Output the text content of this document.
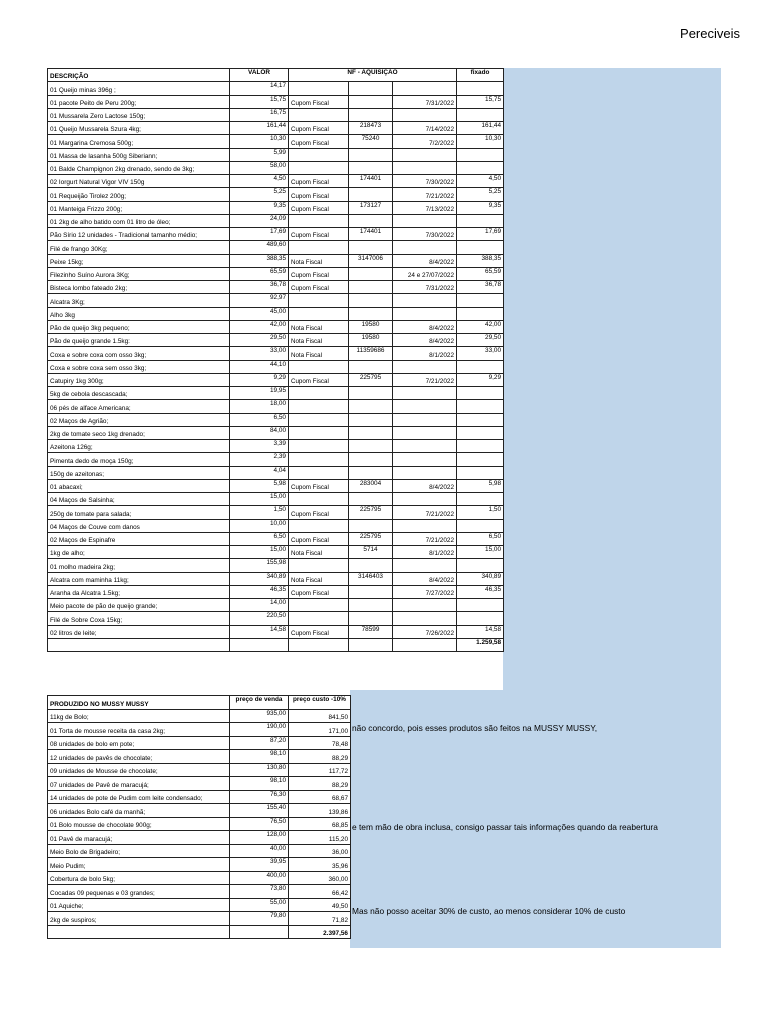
Pereciveis
DESCRIÇÃO	VALOR	NF - AQUISIÇÃO			fixado
01 Queijo minas 396g ;	14,17				
01 pacote Peito de Peru 200g;	15,75	Cupom Fiscal		7/31/2022	15,75
01 Mussarela Zero Lactose 150g;	16,75				
01 Queijo Mussarela Szura 4kg;	161,44	Cupom Fiscal	218473	7/14/2022	161,44
01 Margarina Cremosa 500g;	10,30	Cupom Fiscal	75240	7/2/2022	10,30
01 Massa de lasanha 500g Siberiann;	5,99				
01 Balde Champignon 2kg drenado, sendo de 3kg;	58,00				
02 Iorgurt Natural Vigor VIV 150g	4,50	Cupom Fiscal	174401	7/30/2022	4,50
01 Requeijão Tirolez 200g;	5,25	Cupom Fiscal		7/21/2022	5,25
01 Manteiga Frizzo 200g;	9,35	Cupom Fiscal	173127	7/13/2022	9,35
01 2kg de alho batido com 01 litro de óleo;	24,09				
Pão Sírio 12 unidades - Tradicional tamanho médio;	17,69	Cupom Fiscal	174401	7/30/2022	17,69
Filé de frango 30Kg;	489,60				
Peixe 15kg;	388,35	Nota Fiscal	3147006	8/4/2022	388,35
Filezinho Suíno Aurora 3Kg;	65,59	Cupom Fiscal		24 e 27/07/2022	65,59
Bisteca lombo fateado 2kg;	36,78	Cupom Fiscal		7/31/2022	36,78
Alcatra 3Kg;	92,97				
Alho 3kg	45,00				
Pão de queijo 3kg pequeno;	42,00	Nota Fiscal	19580	8/4/2022	42,00
Pão de queijo grande 1.5kg:	29,50	Nota Fiscal	19580	8/4/2022	29,50
Coxa e sobre coxa com osso 3kg;	33,00	Nota Fiscal	11359686	8/1/2022	33,00
Coxa e sobre coxa sem osso 3kg;	44,10				
Catupiry 1kg 300g;	9,29	Cupom Fiscal	225795	7/21/2022	9,29
5kg de cebola descascada;	19,95				
06 pés de alface Americana;	18,00				
02 Maços de Agrião;	6,50				
2kg de tomate seco 1kg drenado;	84,00				
Azeitona 126g;	3,39				
Pimenta dedo de moça 150g;	2,39				
150g de azeitonas;	4,04				
01 abacaxi;	5,98	Cupom Fiscal	283004	8/4/2022	5,98
04 Maços de Salsinha;	15,00				
250g de tomate para salada;	1,50	Cupom Fiscal	225795	7/21/2022	1,50
04 Maços de Couve com danos	10,00				
02 Maços de Espinafre	6,50	Cupom Fiscal	225795	7/21/2022	6,50
1kg de alho;	15,00	Nota Fiscal	5714	8/1/2022	15,00
01 molho madeira 2kg;	155,98				
Alcatra com maminha 11kg;	340,89	Nota Fiscal	3146403	8/4/2022	340,89
Aranha da Alcatra 1.5kg;	46,35	Cupom Fiscal		7/27/2022	46,35
Meio pacote de pão de queijo grande;	14,00				
Filé de Sobre Coxa 15kg;	220,50				
02 litros de leite;	14,58	Cupom Fiscal	78599	7/26/2022	14,58
					1.259,58
PRODUZIDO NO MUSSY MUSSY	preço de venda	preço custo -10%
11kg de Bolo;	935,00	841,50
01 Torta de mousse receita da casa 2kg;	190,00	171,00
08 unidades de bolo em pote;	87,20	78,48
12 unidades de pavês de chocolate;	98,10	88,29
09 unidades de Mousse de chocolate;	130,80	117,72
07 unidades de Pavê de maracujá;	98,10	88,29
14 unidades de pote de Pudim com leite condensado;	76,30	68,67
06 unidades Bolo café da manhã;	155,40	139,86
01 Bolo mousse de chocolate 900g;	76,50	68,85
01 Pavê de maracujá;	128,00	115,20
Meio Bolo de Brigadeiro;	40,00	36,00
Meio Pudim;	39,95	35,96
Cobertura de bolo 5kg;	400,00	360,00
Cocadas 09 pequenas e 03 grandes;	73,80	66,42
01 Aquiche;	55,00	49,50
2kg de suspiros;	79,80	71,82
		2.397,56
não concordo, pois esses produtos são feitos na MUSSY MUSSY,
e tem mão de obra inclusa, consigo passar tais informações quando da reabertura
Mas não posso aceitar 30% de custo, ao menos considerar 10% de custo
